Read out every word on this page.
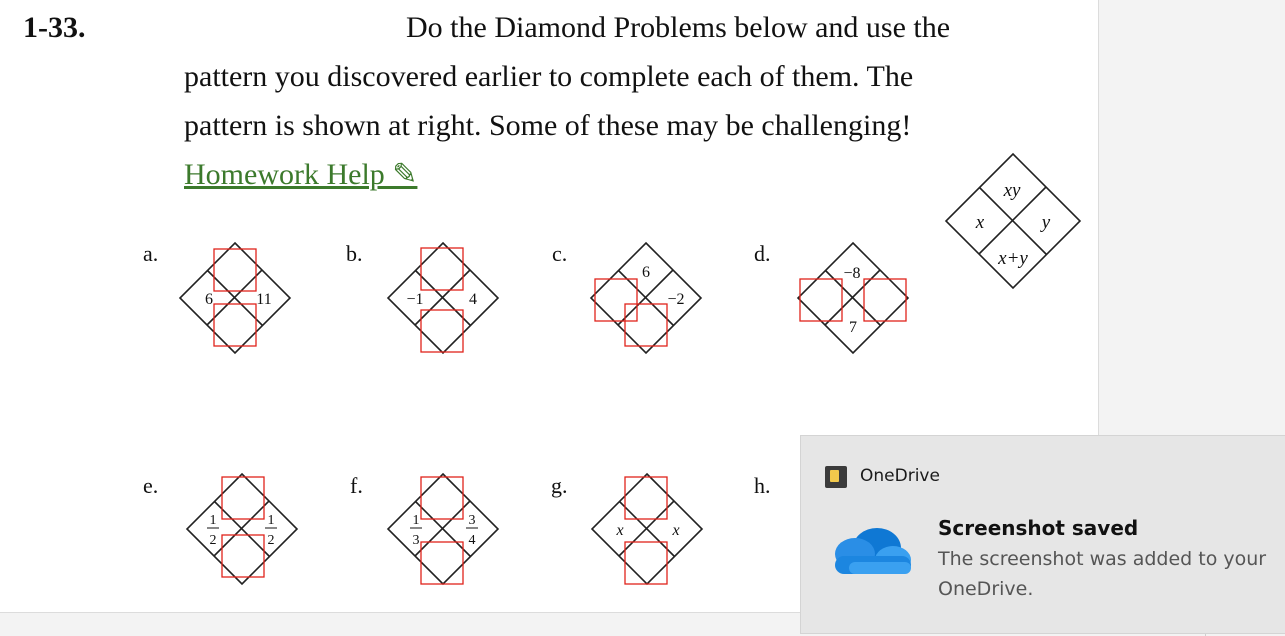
1-33.	Do the Diamond Problems below and use the
pattern you discovered earlier to complete each of them. The
pattern is shown at right. Some of these may be challenging!
Homework Help ✎
a.	b.	c.	d.
e.	f.	g.	h.
xy
x	y
x+y
6	11	−1	4
6
−2
−8
7
1
2
1
2
1
3
3
4
x	x
OneDrive
Screenshot saved
The screenshot was added to your OneDrive.
